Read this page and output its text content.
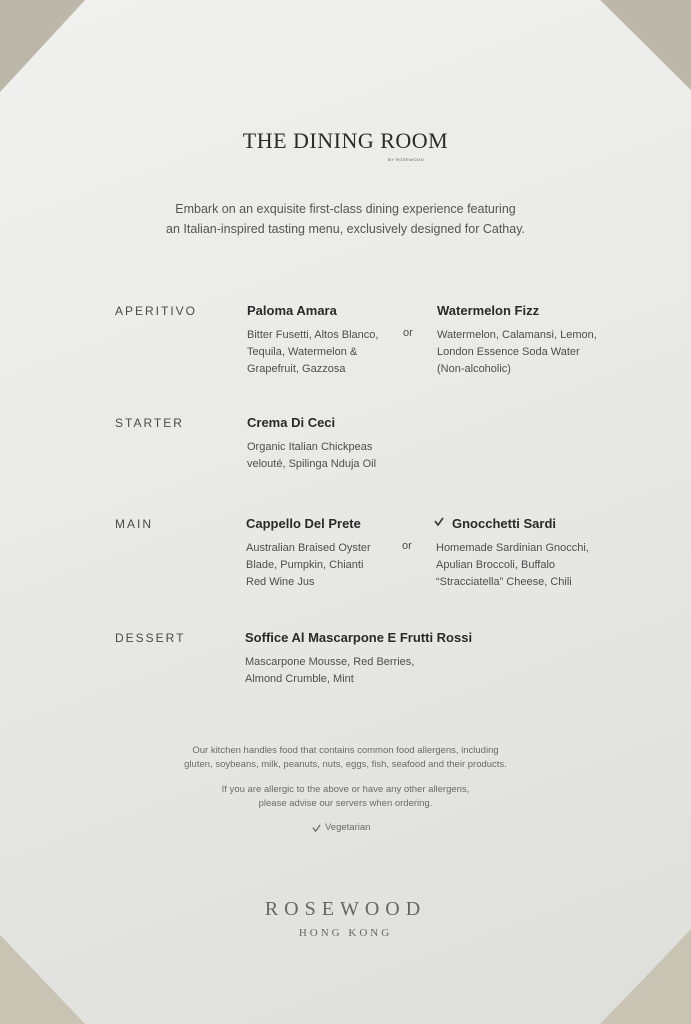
THE DINING ROOM
BY ROSEWOOD
Embark on an exquisite first-class dining experience featuring
an Italian-inspired tasting menu, exclusively designed for Cathay.
APERITIVO	Paloma Amara
Bitter Fusetti, Altos Blanco,
Tequila, Watermelon &
Grapefruit, Gazzosa
or
Watermelon Fizz
Watermelon, Calamansi, Lemon,
London Essence Soda Water
(Non-alcoholic)
STARTER	Crema Di Ceci
Organic Italian Chickpeas
velouté, Spilinga Nduja Oil
MAIN	Cappello Del Prete
Australian Braised Oyster
Blade, Pumpkin, Chianti
Red Wine Jus
or
Gnocchetti Sardi
Homemade Sardinian Gnocchi,
Apulian Broccoli, Buffalo
“Stracciatella” Cheese, Chili
DESSERT	Soffice Al Mascarpone E Frutti Rossi
Mascarpone Mousse, Red Berries,
Almond Crumble, Mint
Our kitchen handles food that contains common food allergens, including
gluten, soybeans, milk, peanuts, nuts, eggs, fish, seafood and their products.
If you are allergic to the above or have any other allergens,
please advise our servers when ordering.
Vegetarian
ROSEWOOD
HONG KONG
